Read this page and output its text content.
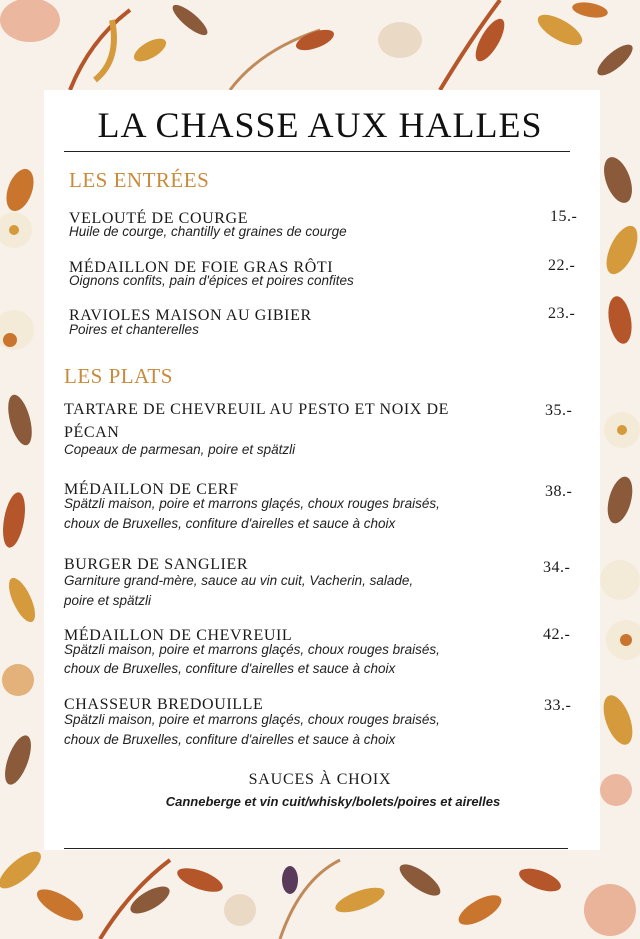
LA CHASSE AUX HALLES
LES ENTRÉES
VELOUTÉ DE COURGE
Huile de courge, chantilly et graines de courge
15.-
MÉDAILLON DE FOIE GRAS RÔTI
Oignons confits, pain d'épices et poires confites
22.-
RAVIOLES MAISON AU GIBIER
Poires et chanterelles
23.-
LES PLATS
TARTARE DE CHEVREUIL AU PESTO ET NOIX DE
PÉCAN
Copeaux de parmesan, poire et spätzli
35.-
MÉDAILLON DE CERF
Spätzli maison, poire et marrons glaçés, choux rouges braisés,
choux de Bruxelles, confiture d'airelles et sauce à choix
38.-
BURGER DE SANGLIER
Garniture grand-mère, sauce au vin cuit, Vacherin, salade,
poire et spätzli
34.-
MÉDAILLON DE CHEVREUIL
Spätzli maison, poire et marrons glaçés, choux rouges braisés,
choux de Bruxelles, confiture d'airelles et sauce à choix
42.-
CHASSEUR BREDOUILLE
Spätzli maison, poire et marrons glaçés, choux rouges braisés,
choux de Bruxelles, confiture d'airelles et sauce à choix
33.-
SAUCES À CHOIX
Canneberge et vin cuit/whisky/bolets/poires et airelles
